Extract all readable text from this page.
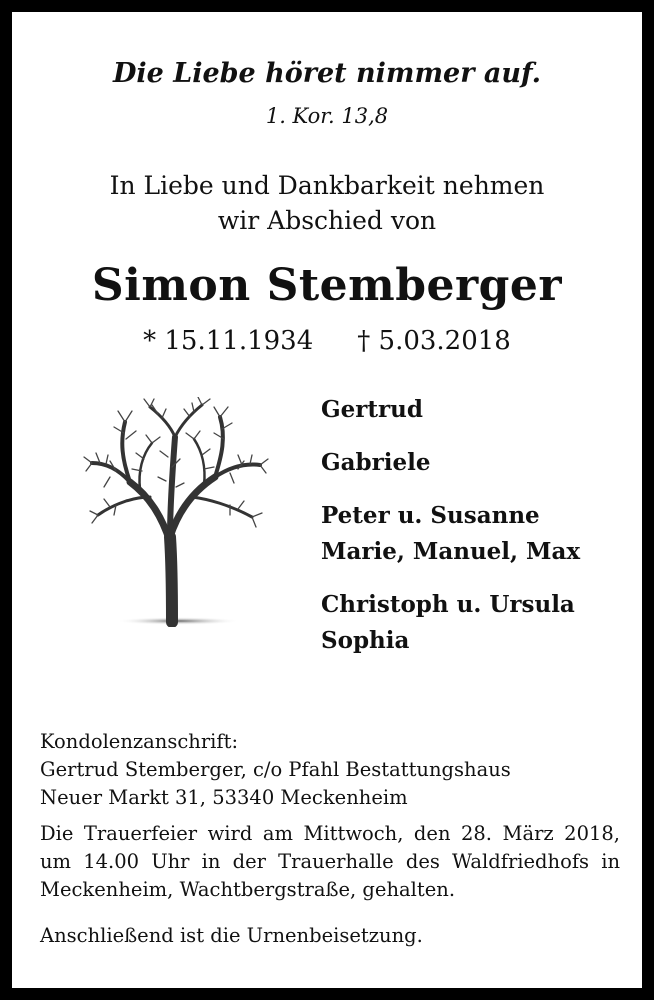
Die Liebe höret nimmer auf.
1. Kor. 13,8
In Liebe und Dankbarkeit nehmen
wir Abschied von
Simon Stemberger
* 15.11.1934 † 5.03.2018
Gertrud
Gabriele
Peter u. Susanne
Marie, Manuel, Max
Christoph u. Ursula
Sophia
Kondolenzanschrift:
Gertrud Stemberger, c/o Pfahl Bestattungshaus
Neuer Markt 31, 53340 Meckenheim
Die Trauerfeier wird am Mittwoch, den 28. März 2018,
um 14.00 Uhr in der Trauerhalle des Waldfriedhofs in
Meckenheim, Wachtbergstraße, gehalten.
Anschließend ist die Urnenbeisetzung.
